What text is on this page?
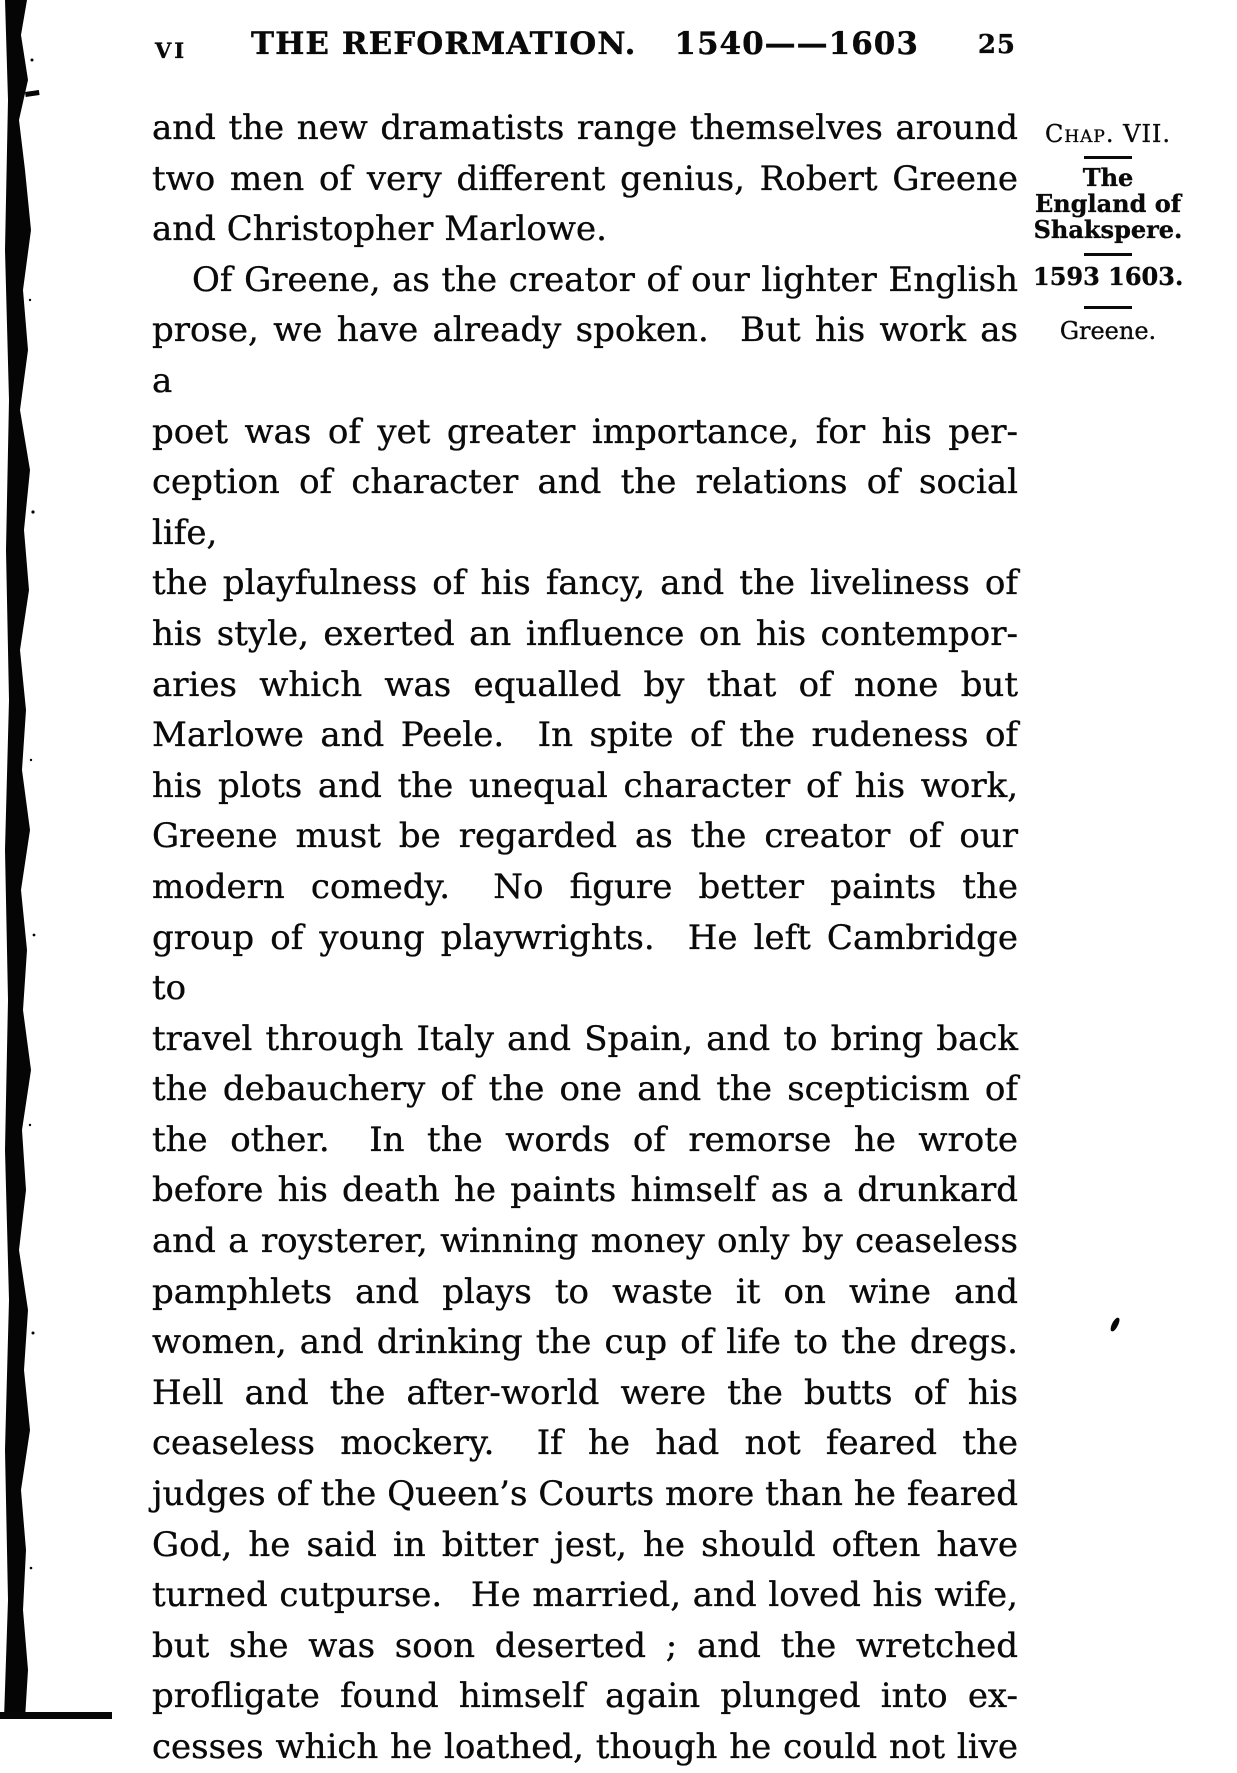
VI	THE REFORMATION. 1540——1603	25
and the new dramatists range themselves around
two men of very different genius, Robert Greene
and Christopher Marlowe.
Of Greene, as the creator of our lighter English
prose, we have already spoken.  But his work as a
poet was of yet greater importance, for his per-
ception of character and the relations of social life,
the playfulness of his fancy, and the liveliness of
his style, exerted an influence on his contempor-
aries which was equalled by that of none but
Marlowe and Peele.  In spite of the rudeness of
his plots and the unequal character of his work,
Greene must be regarded as the creator of our
modern comedy.  No figure better paints the
group of young playwrights.  He left Cambridge to
travel through Italy and Spain, and to bring back
the debauchery of the one and the scepticism of
the other.  In the words of remorse he wrote
before his death he paints himself as a drunkard
and a roysterer, winning money only by ceaseless
pamphlets and plays to waste it on wine and
women, and drinking the cup of life to the dregs.
Hell and the after-world were the butts of his
ceaseless mockery.  If he had not feared the
judges of the Queen’s Courts more than he feared
God, he said in bitter jest, he should often have
turned cutpurse.  He married, and loved his wife,
but she was soon deserted ; and the wretched
profligate found himself again plunged into ex-
cesses which he loathed, though he could not live
Chap. VII.
The
England of
Shakspere.
1593 1603.
Greene.
